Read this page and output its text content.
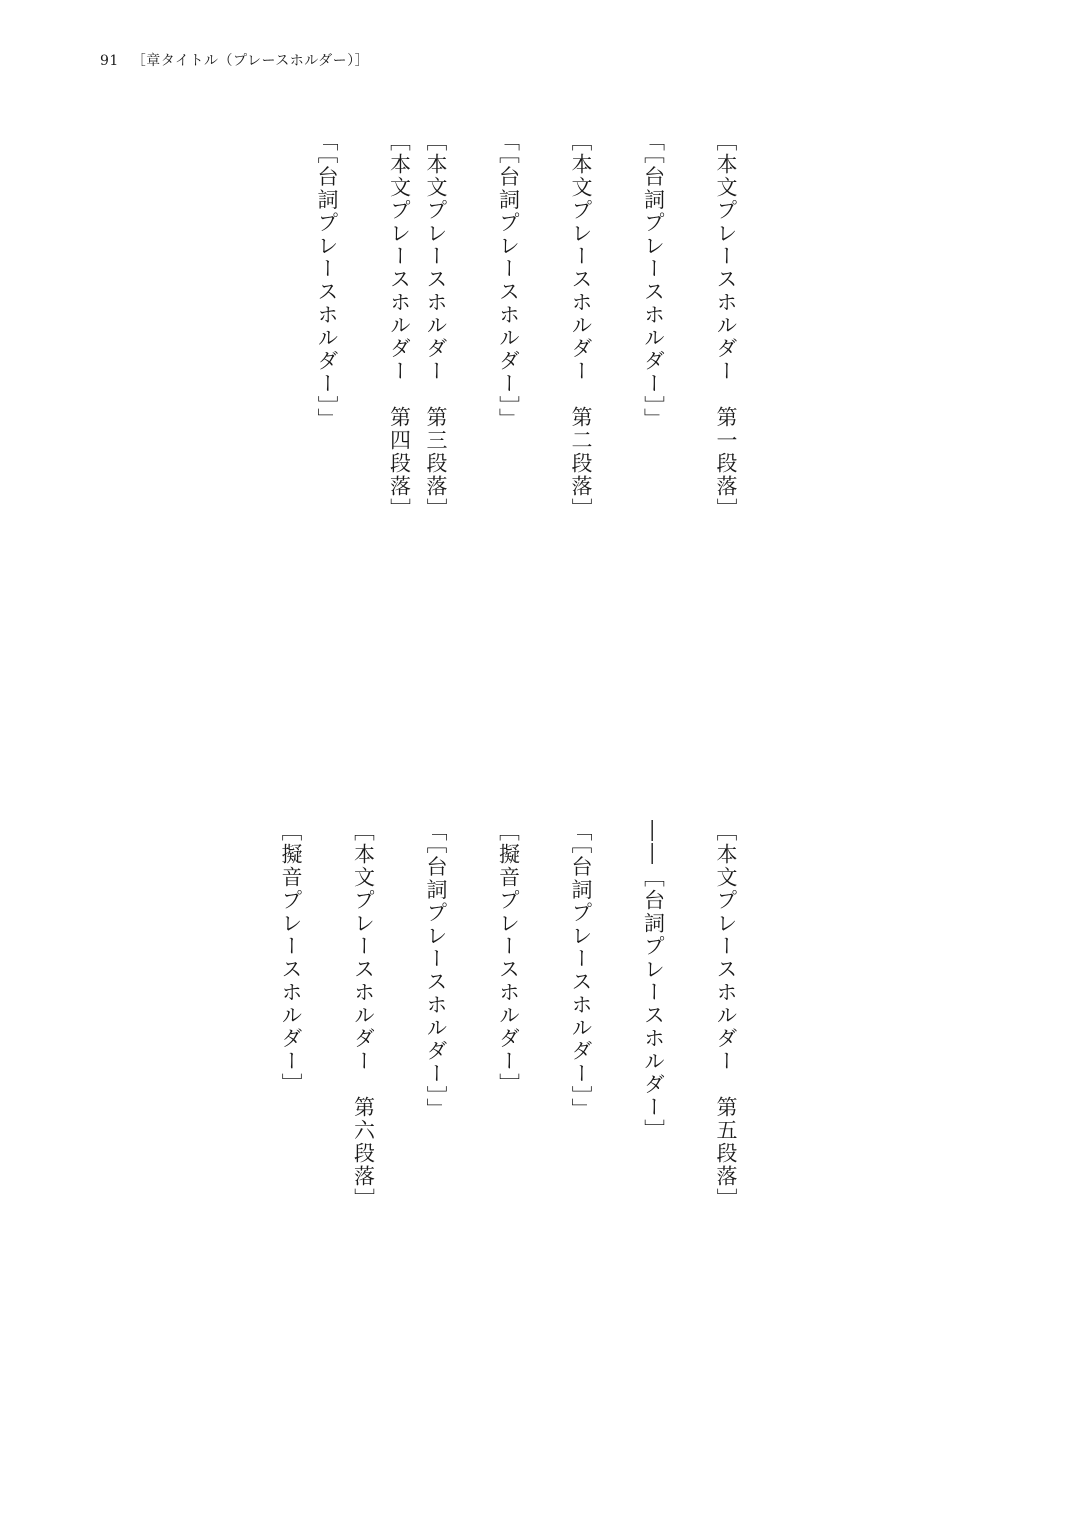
91 ［章タイトル（プレースホルダー）］

［本文プレースホルダー　第一段落］

「［台詞プレースホルダー］」

［本文プレースホルダー　第二段落］

「［台詞プレースホルダー］」

［本文プレースホルダー　第三段落］

［本文プレースホルダー　第四段落］

「［台詞プレースホルダー］」

［本文プレースホルダー　第五段落］

――［台詞プレースホルダー］

「［台詞プレースホルダー］」

［擬音プレースホルダー］

「［台詞プレースホルダー］」

［本文プレースホルダー　第六段落］

［擬音プレースホルダー］
